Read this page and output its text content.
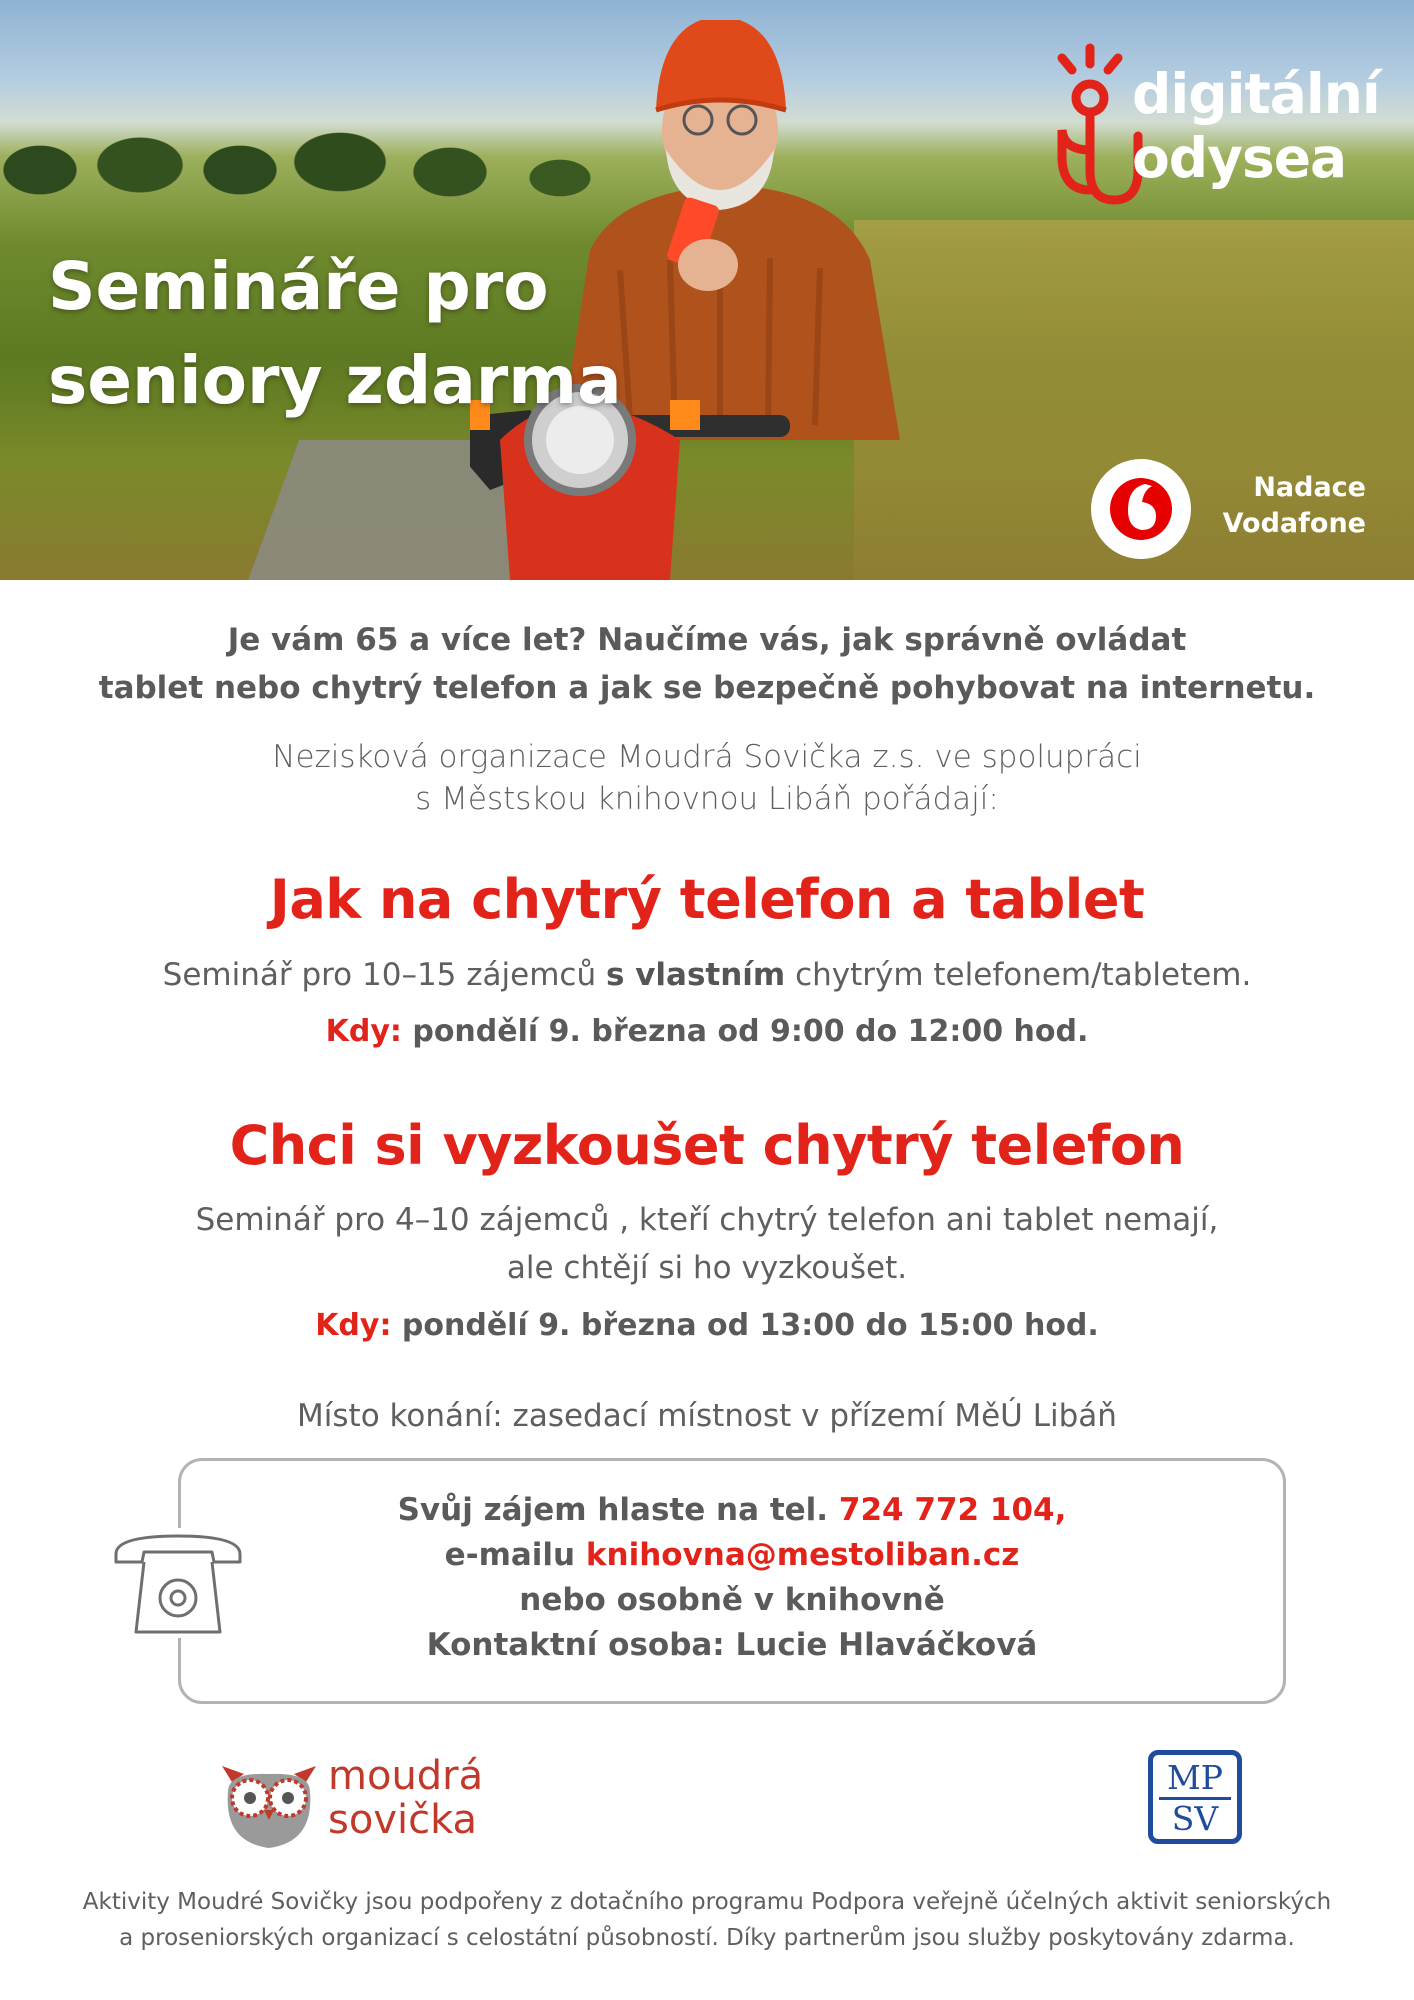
Semináře pro
seniory zdarma
digitální
odysea
Nadace
Vodafone
Je vám 65 a více let? Naučíme vás, jak správně ovládat
tablet nebo chytrý telefon a jak se bezpečně pohybovat na internetu.
Nezisková organizace Moudrá Sovička z.s. ve spolupráci
s Městskou knihovnou Libáň pořádají:
Jak na chytrý telefon a tablet
Seminář pro 10–15 zájemců s vlastním chytrým telefonem/tabletem.
Kdy: pondělí 9. března od 9:00 do 12:00 hod.
Chci si vyzkoušet chytrý telefon
Seminář pro 4–10 zájemců , kteří chytrý telefon ani tablet nemají,
ale chtějí si ho vyzkoušet.
Kdy: pondělí 9. března od 13:00 do 15:00 hod.
Místo konání: zasedací místnost v přízemí MěÚ Libáň
Svůj zájem hlaste na tel. 724 772 104,
e-mailu knihovna@mestoliban.cz
nebo osobně v knihovně
Kontaktní osoba: Lucie Hlaváčková
moudrá
sovička
MP
SV
Aktivity Moudré Sovičky jsou podpořeny z dotačního programu Podpora veřejně účelných aktivit seniorských
a proseniorských organizací s celostátní působností. Díky partnerům jsou služby poskytovány zdarma.
